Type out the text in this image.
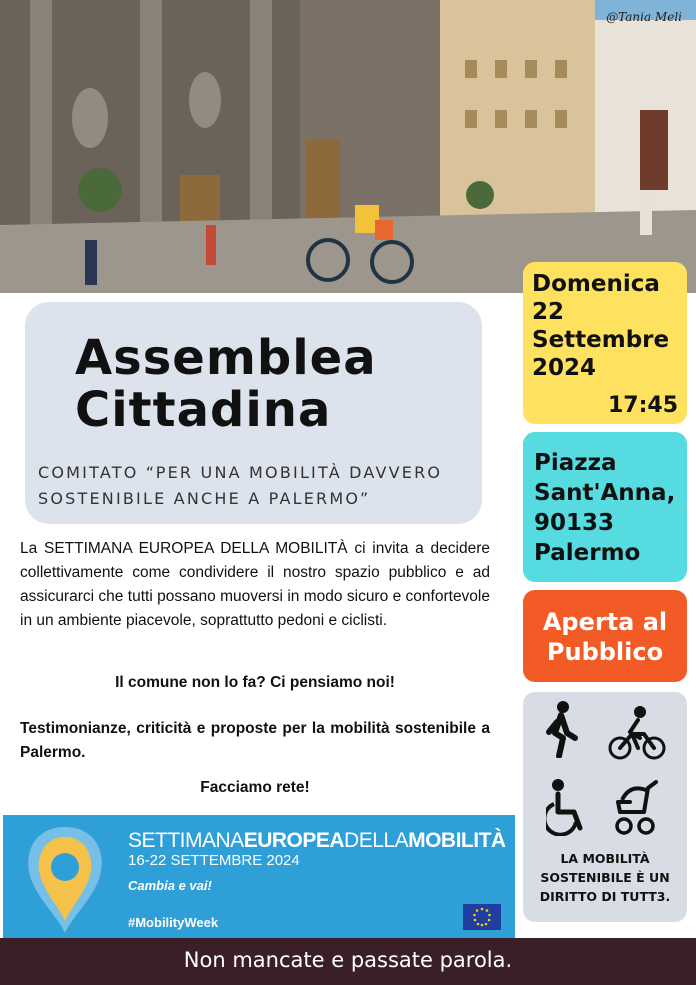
@Tania Meli
Assemblea
Cittadina
COMITATO “PER UNA MOBILITÀ DAVVERO
SOSTENIBILE ANCHE A PALERMO”
La SETTIMANA EUROPEA DELLA MOBILITÀ ci invita a decidere collettivamente come condividere il nostro spazio pubblico e ad assicurarci che tutti possano muoversi in modo sicuro e confortevole in un ambiente piacevole, soprattutto pedoni e ciclisti.
Il comune non lo fa? Ci pensiamo noi!
Testimonianze, criticità e proposte per la mobilità sostenibile a Palermo.
Facciamo rete!
Domenica
22
Settembre
2024
17:45
Piazza
Sant'Anna,
90133
Palermo
Aperta al
Pubblico
LA MOBILITÀ
SOSTENIBILE È UN
DIRITTO DI TUTT3.
SETTIMANAEUROPEADELLAMOBILITÀ
16-22 SETTEMBRE 2024
Cambia e vai!
#MobilityWeek
Non mancate e passate parola.
